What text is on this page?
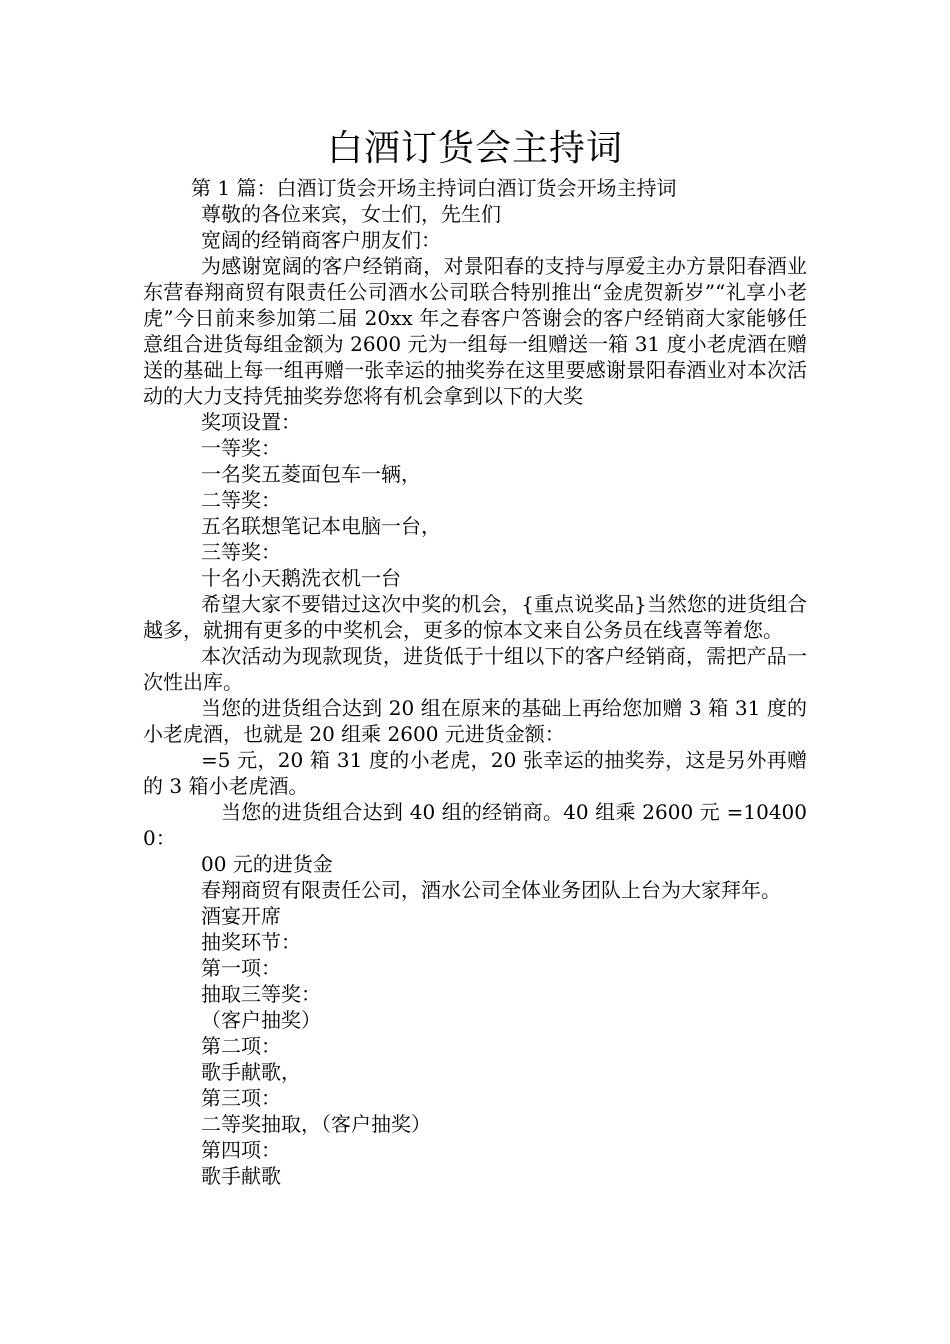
白酒订货会主持词

第 1 篇：白酒订货会开场主持词白酒订货会开场主持词

尊敬的各位来宾，女士们，先生们

宽阔的经销商客户朋友们：

为感谢宽阔的客户经销商，对景阳春的支持与厚爱主办方景阳春酒业东营春翔商贸有限责任公司酒水公司联合特别推出“金虎贺新岁”“礼享小老虎”今日前来参加第二届 20xx 年之春客户答谢会的客户经销商大家能够任意组合进货每组金额为 2600 元为一组每一组赠送一箱 31 度小老虎酒在赠送的基础上每一组再赠一张幸运的抽奖券在这里要感谢景阳春酒业对本次活动的大力支持凭抽奖券您将有机会拿到以下的大奖

奖项设置：

一等奖：

一名奖五菱面包车一辆，

二等奖：

五名联想笔记本电脑一台，

三等奖：

十名小天鹅洗衣机一台

希望大家不要错过这次中奖的机会，{重点说奖品}当然您的进货组合越多，就拥有更多的中奖机会，更多的惊本文来自公务员在线喜等着您。

本次活动为现款现货，进货低于十组以下的客户经销商，需把产品一次性出库。

当您的进货组合达到 20 组在原来的基础上再给您加赠 3 箱 31 度的小老虎酒，也就是 20 组乘 2600 元进货金额：

=5 元，20 箱 31 度的小老虎，20 张幸运的抽奖券，这是另外再赠的 3 箱小老虎酒。

当您的进货组合达到 40 组的经销商。40 组乘 2600 元 =104000：

00 元的进货金

春翔商贸有限责任公司，酒水公司全体业务团队上台为大家拜年。

酒宴开席

抽奖环节：

第一项：

抽取三等奖：

（客户抽奖）

第二项：

歌手献歌，

第三项：

二等奖抽取，（客户抽奖）

第四项：

歌手献歌
